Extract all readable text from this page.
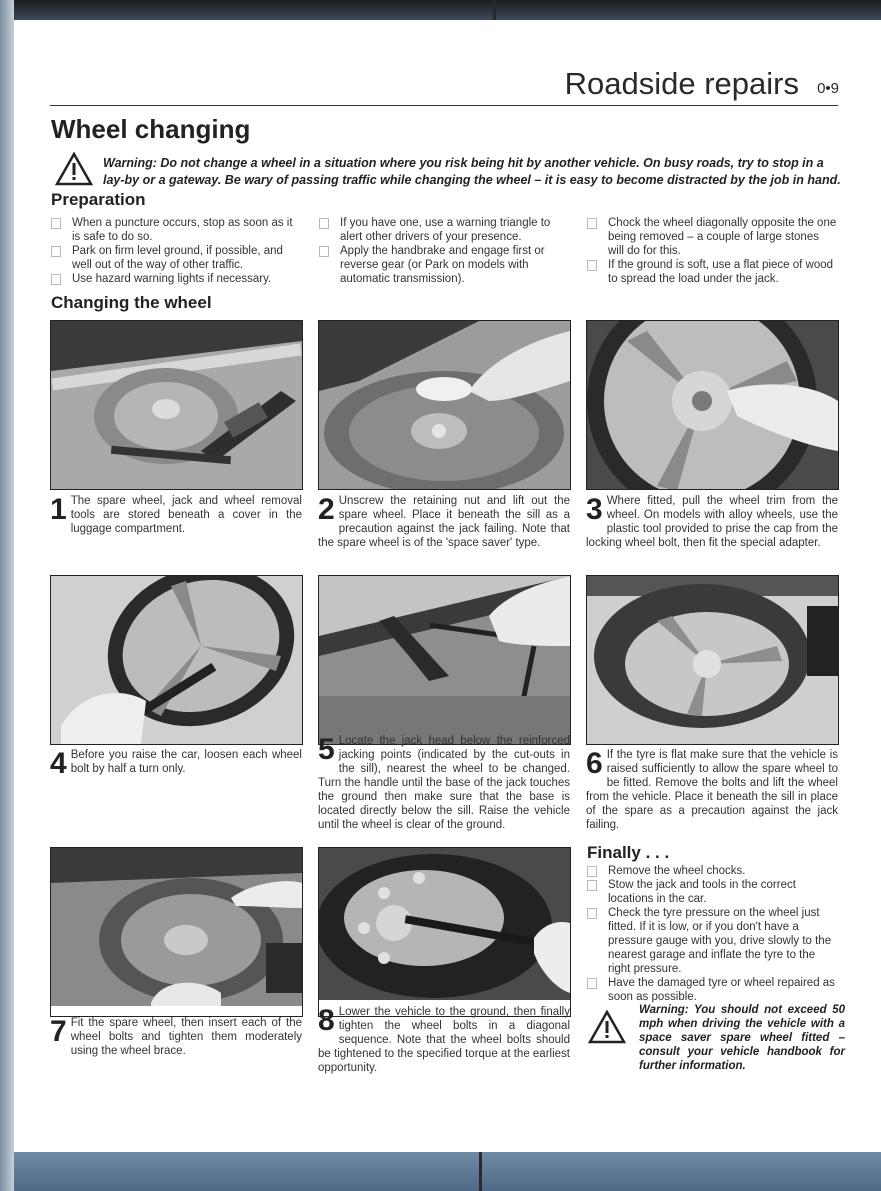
Roadside repairs 0•9
Wheel changing
Warning: Do not change a wheel in a situation where you risk being hit by another vehicle. On busy roads, try to stop in a lay-by or a gateway. Be wary of passing traffic while changing the wheel – it is easy to become distracted by the job in hand.
Preparation
When a puncture occurs, stop as soon as it is safe to do so.
Park on firm level ground, if possible, and well out of the way of other traffic.
Use hazard warning lights if necessary.
If you have one, use a warning triangle to alert other drivers of your presence.
Apply the handbrake and engage first or reverse gear (or Park on models with automatic transmission).
Chock the wheel diagonally opposite the one being removed – a couple of large stones will do for this.
If the ground is soft, use a flat piece of wood to spread the load under the jack.
Changing the wheel
1 The spare wheel, jack and wheel removal tools are stored beneath a cover in the luggage compartment.
2 Unscrew the retaining nut and lift out the spare wheel. Place it beneath the sill as a precaution against the jack failing. Note that the spare wheel is of the 'space saver' type.
3 Where fitted, pull the wheel trim from the wheel. On models with alloy wheels, use the plastic tool provided to prise the cap from the locking wheel bolt, then fit the special adapter.
4 Before you raise the car, loosen each wheel bolt by half a turn only.
5 Locate the jack head below the reinforced jacking points (indicated by the cut-outs in the sill), nearest the wheel to be changed. Turn the handle until the base of the jack touches the ground then make sure that the base is located directly below the sill. Raise the vehicle until the wheel is clear of the ground.
6 If the tyre is flat make sure that the vehicle is raised sufficiently to allow the spare wheel to be fitted. Remove the bolts and lift the wheel from the vehicle. Place it beneath the sill in place of the spare as a precaution against the jack failing.
7 Fit the spare wheel, then insert each of the wheel bolts and tighten them moderately using the wheel brace.
8 Lower the vehicle to the ground, then finally tighten the wheel bolts in a diagonal sequence. Note that the wheel bolts should be tightened to the specified torque at the earliest opportunity.
Finally . . .
Remove the wheel chocks.
Stow the jack and tools in the correct locations in the car.
Check the tyre pressure on the wheel just fitted. If it is low, or if you don't have a pressure gauge with you, drive slowly to the nearest garage and inflate the tyre to the right pressure.
Have the damaged tyre or wheel repaired as soon as possible.
Warning: You should not exceed 50 mph when driving the vehicle with a space saver spare wheel fitted – consult your vehicle handbook for further information.
